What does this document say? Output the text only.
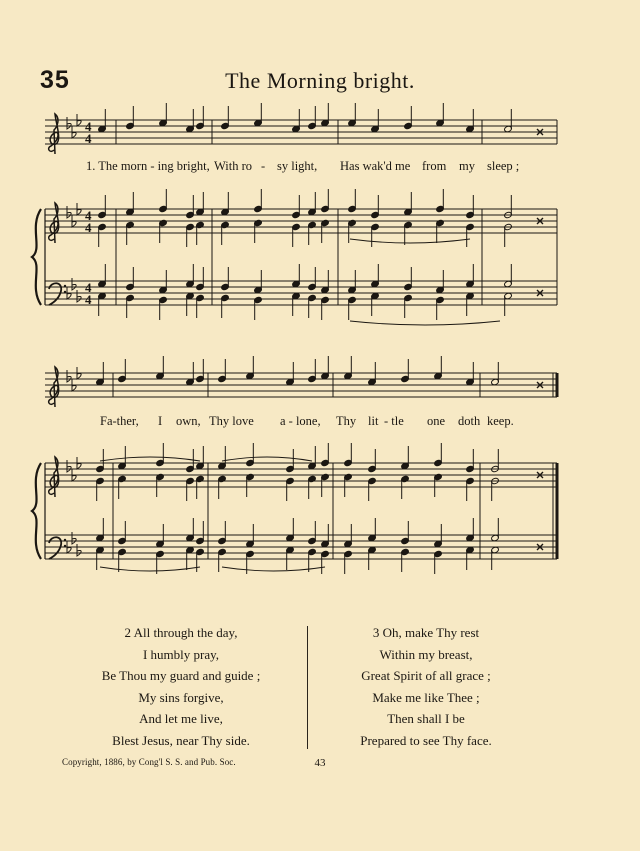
35	The Morning bright.
4
4
4
4
4
4
1. The morn - ing bright, With ro - sy light, Has wak'd me from my sleep ;
Fa-ther, I own, Thy love a - lone, Thy lit - tle one doth keep.
2 All through the day,
I humbly pray,
Be Thou my guard and guide ;
My sins forgive,
And let me live,
Blest Jesus, near Thy side.
3 Oh, make Thy rest
Within my breast,
Great Spirit of all grace ;
Make me like Thee ;
Then shall I be
Prepared to see Thy face.
Copyright, 1886, by Cong'l S. S. and Pub. Soc.	43
